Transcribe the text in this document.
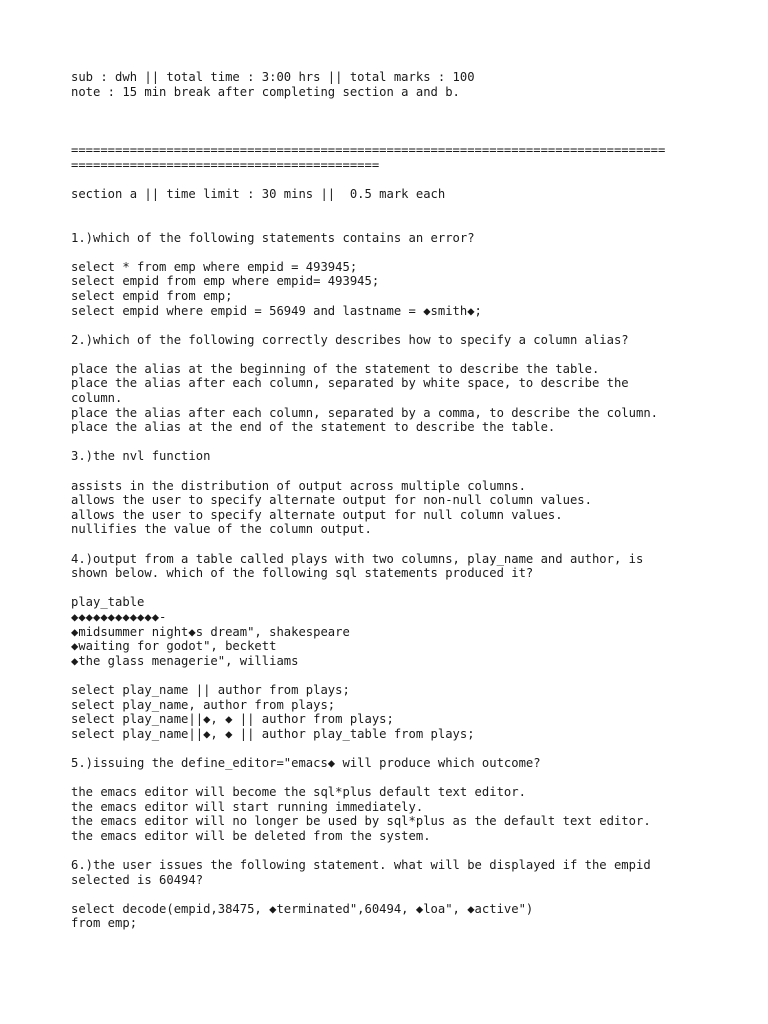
sub : dwh || total time : 3:00 hrs || total marks : 100
note : 15 min break after completing section a and b.
=================================================================================
==========================================
section a || time limit : 30 mins ||  0.5 mark each
1.)which of the following statements contains an error?
select * from emp where empid = 493945;
select empid from emp where empid= 493945;
select empid from emp;
select empid where empid = 56949 and lastname = ◆smith◆;
2.)which of the following correctly describes how to specify a column alias?
place the alias at the beginning of the statement to describe the table.
place the alias after each column, separated by white space, to describe the
column.
place the alias after each column, separated by a comma, to describe the column.
place the alias at the end of the statement to describe the table.
3.)the nvl function
assists in the distribution of output across multiple columns.
allows the user to specify alternate output for non-null column values.
allows the user to specify alternate output for null column values.
nullifies the value of the column output.
4.)output from a table called plays with two columns, play_name and author, is
shown below. which of the following sql statements produced it?
play_table
◆◆◆◆◆◆◆◆◆◆◆◆-
◆midsummer night◆s dream", shakespeare
◆waiting for godot", beckett
◆the glass menagerie", williams
select play_name || author from plays;
select play_name, author from plays;
select play_name||◆, ◆ || author from plays;
select play_name||◆, ◆ || author play_table from plays;
5.)issuing the define_editor="emacs◆ will produce which outcome?
the emacs editor will become the sql*plus default text editor.
the emacs editor will start running immediately.
the emacs editor will no longer be used by sql*plus as the default text editor.
the emacs editor will be deleted from the system.
6.)the user issues the following statement. what will be displayed if the empid
selected is 60494?
select decode(empid,38475, ◆terminated",60494, ◆loa", ◆active")
from emp;
